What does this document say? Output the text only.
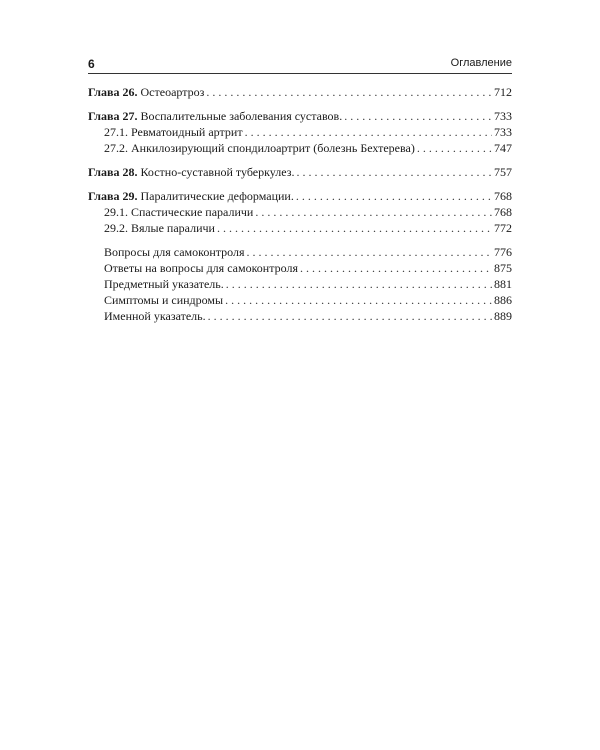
6	Оглавление
Глава 26. Остеоартроз . . .	712
Глава 27. Воспалительные заболевания суставов. . . .	733
27.1. Ревматоидный артрит . . .	733
27.2. Анкилозирующий спондилоартрит (болезнь Бехтерева) . . .	747
Глава 28. Костно-суставной туберкулез. . . .	757
Глава 29. Паралитические деформации. . . .	768
29.1. Спастические параличи . . .	768
29.2. Вялые параличи . . .	772
Вопросы для самоконтроля . . .	776
Ответы на вопросы для самоконтроля . . .	875
Предметный указатель. . . .	881
Симптомы и синдромы . . .	886
Именной указатель. . . .	889
